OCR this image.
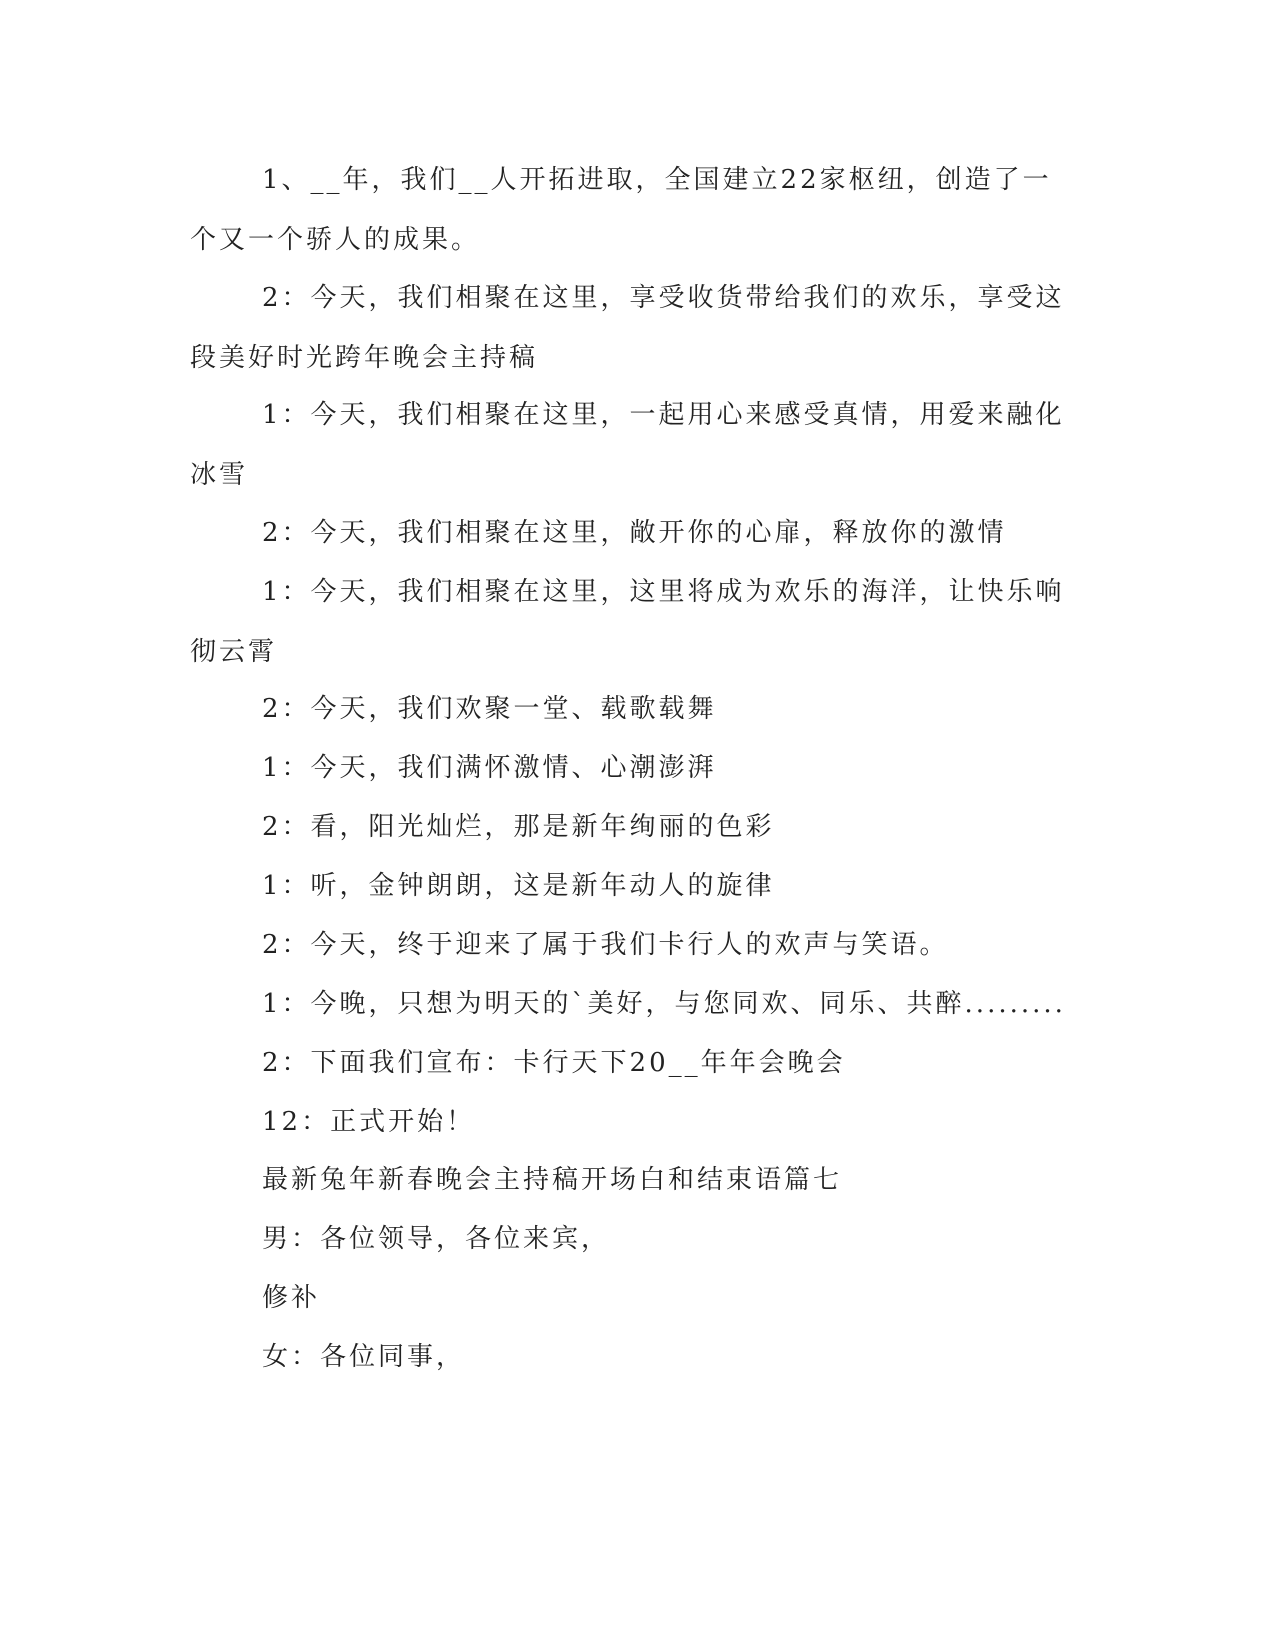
1、__年，我们__人开拓进取，全国建立22家枢纽，创造了一个又一个骄人的成果。

2：今天，我们相聚在这里，享受收货带给我们的欢乐，享受这段美好时光跨年晚会主持稿

1：今天，我们相聚在这里，一起用心来感受真情，用爱来融化冰雪

2：今天，我们相聚在这里，敞开你的心扉，释放你的激情

1：今天，我们相聚在这里，这里将成为欢乐的海洋，让快乐响彻云霄

2：今天，我们欢聚一堂、载歌载舞

1：今天，我们满怀激情、心潮澎湃

2：看，阳光灿烂，那是新年绚丽的色彩

1：听，金钟朗朗，这是新年动人的旋律

2：今天，终于迎来了属于我们卡行人的欢声与笑语。

1：今晚，只想为明天的`美好，与您同欢、同乐、共醉.........

2：下面我们宣布：卡行天下20__年年会晚会

12：正式开始！

最新兔年新春晚会主持稿开场白和结束语篇七

男：各位领导，各位来宾，

修补

女：各位同事，
